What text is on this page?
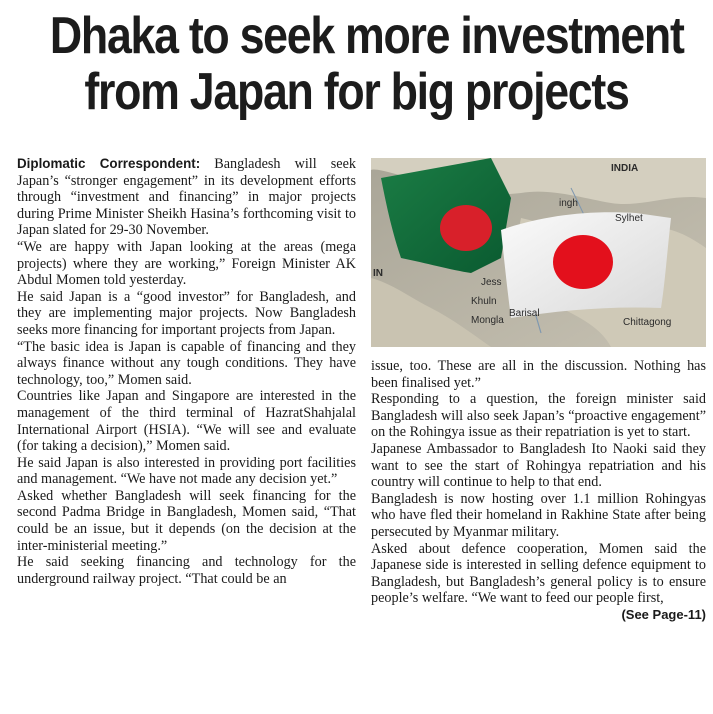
Dhaka to seek more investment
from Japan for big projects

Diplomatic Correspondent: Bangladesh will seek Japan’s “stronger engagement” in its development efforts through “investment and financing” in major projects during Prime Minister Sheikh Hasina’s forthcoming visit to Japan slated for 29-30 November.

“We are happy with Japan looking at the areas (mega projects) where they are working,” Foreign Minister AK Abdul Momen told yesterday.

He said Japan is a “good investor” for Bangladesh, and they are implementing major projects. Now Bangladesh seeks more financing for important projects from Japan.

“The basic idea is Japan is capable of financing and they always finance without any tough conditions. They have technology, too,” Momen said.

Countries like Japan and Singapore are interested in the management of the third terminal of HazratShahjalal International Airport (HSIA). “We will see and evaluate (for taking a decision),” Momen said.

He said Japan is also interested in providing port facilities and management. “We have not made any decision yet.”

Asked whether Bangladesh will seek financing for the second Padma Bridge in Bangladesh, Momen said, “That could be an issue, but it depends (on the decision at the inter-ministerial meeting.”

He said seeking financing and technology for the underground railway project. “That could be an

INDIA
ingh
Sylhet
IN
Jess
Khuln
Mongla
Barisal
Chittagong

issue, too. These are all in the discussion. Nothing has been finalised yet.”

Responding to a question, the foreign minister said Bangladesh will also seek Japan’s “proactive engagement” on the Rohingya issue as their repatriation is yet to start.

Japanese Ambassador to Bangladesh Ito Naoki said they want to see the start of Rohingya repatriation and his country will continue to help to that end.

Bangladesh is now hosting over 1.1 million Rohingyas who have fled their homeland in Rakhine State after being persecuted by Myanmar military.

Asked about defence cooperation, Momen said the Japanese side is interested in selling defence equipment to Bangladesh, but Bangladesh’s general policy is to ensure people’s welfare. “We want to feed our people first,
(See Page-11)
